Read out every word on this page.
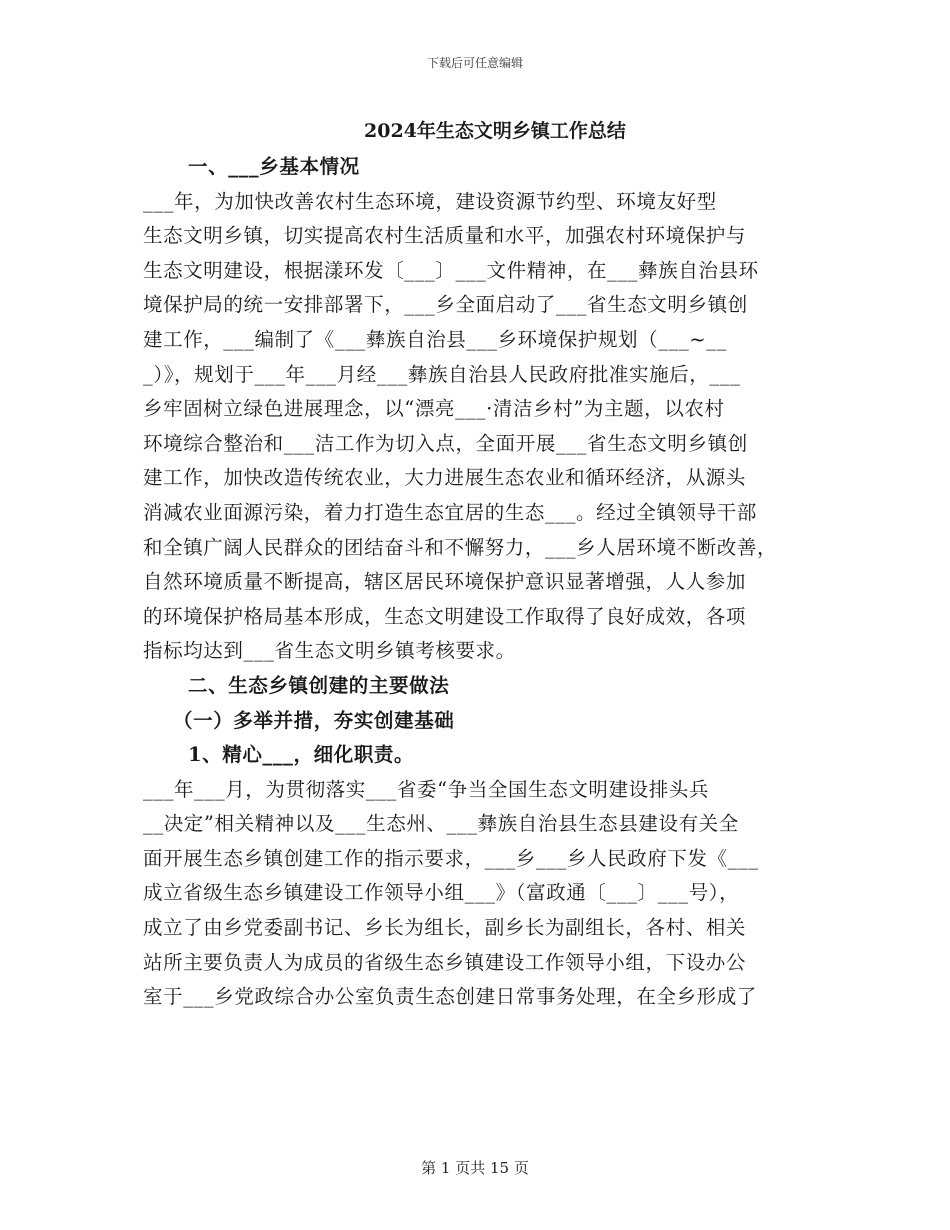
下载后可任意编辑
2024年生态文明乡镇工作总结
一、___乡基本情况
___年，为加快改善农村生态环境，建设资源节约型、环境友好型
生态文明乡镇，切实提高农村生活质量和水平，加强农村环境保护与
生态文明建设，根据漾环发〔___〕___文件精神，在___彝族自治县环
境保护局的统一安排部署下，___乡全面启动了___省生态文明乡镇创
建工作，___编制了《___彝族自治县___乡环境保护规划（___~__
_）》，规划于___年___月经___彝族自治县人民政府批准实施后，___
乡牢固树立绿色进展理念，以“漂亮___·清洁乡村”为主题，以农村
环境综合整治和___洁工作为切入点，全面开展___省生态文明乡镇创
建工作，加快改造传统农业，大力进展生态农业和循环经济，从源头
消减农业面源污染，着力打造生态宜居的生态___。经过全镇领导干部
和全镇广阔人民群众的团结奋斗和不懈努力，___乡人居环境不断改善，
自然环境质量不断提高，辖区居民环境保护意识显著增强，人人参加
的环境保护格局基本形成，生态文明建设工作取得了良好成效，各项
指标均达到___省生态文明乡镇考核要求。
二、生态乡镇创建的主要做法
（一）多举并措，夯实创建基础
1、精心___，细化职责。
___年___月，为贯彻落实___省委“争当全国生态文明建设排头兵
__决定”相关精神以及___生态州、___彝族自治县生态县建设有关全
面开展生态乡镇创建工作的指示要求，___乡___乡人民政府下发《___
成立省级生态乡镇建设工作领导小组___》（富政通〔___〕___号），
成立了由乡党委副书记、乡长为组长，副乡长为副组长，各村、相关
站所主要负责人为成员的省级生态乡镇建设工作领导小组，下设办公
室于___乡党政综合办公室负责生态创建日常事务处理，在全乡形成了
第 1 页共 15 页
